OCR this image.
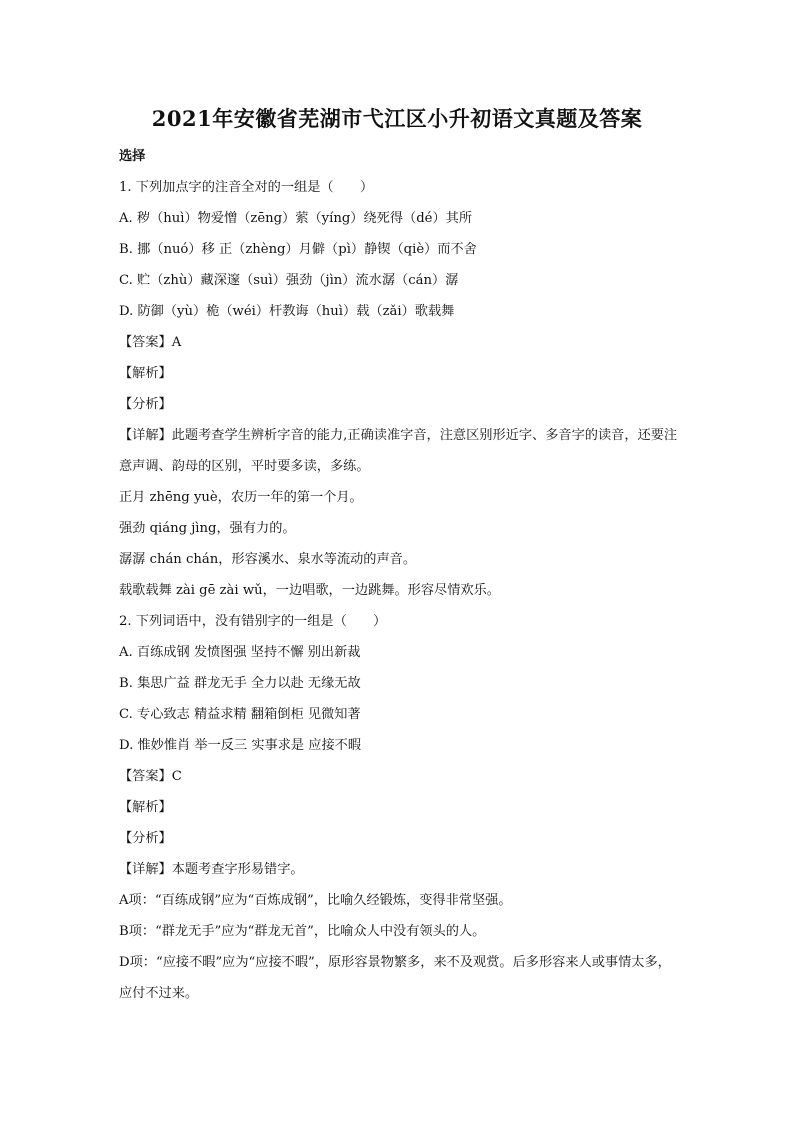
2021年安徽省芜湖市弋江区小升初语文真题及答案
选择
1. 下列加点字的注音全对的一组是（　　）
A. 秽（huì）物爱憎（zēng）萦（yíng）绕死得（dé）其所
B. 挪（nuó）移 正（zhèng）月僻（pì）静锲（qiè）而不舍
C. 贮（zhù）藏深邃（suì）强劲（jìn）流水潺（cán）潺
D. 防御（yù）桅（wéi）杆教诲（huì）载（zǎi）歌载舞
【答案】A
【解析】
【分析】
【详解】此题考查学生辨析字音的能力,正确读准字音，注意区别形近字、多音字的读音，还要注意声调、韵母的区别，平时要多读，多练。
正月 zhēng yuè，农历一年的第一个月。
强劲 qiáng jìng，强有力的。
潺潺 chán chán，形容溪水、泉水等流动的声音。
载歌载舞 zài gē zài wǔ，一边唱歌，一边跳舞。形容尽情欢乐。
2. 下列词语中，没有错别字的一组是（　　）
A. 百练成钢 发愤图强 坚持不懈 别出新裁
B. 集思广益 群龙无手 全力以赴 无缘无故
C. 专心致志 精益求精 翻箱倒柜 见微知著
D. 惟妙惟肖 举一反三 实事求是 应接不暇
【答案】C
【解析】
【分析】
【详解】本题考查字形易错字。
A项：“百练成钢”应为“百炼成钢”，比喻久经锻炼，变得非常坚强。
B项：“群龙无手”应为“群龙无首”，比喻众人中没有领头的人。
D项：“应接不暇”应为“应接不暇”，原形容景物繁多，来不及观赏。后多形容来人或事情太多，应付不过来。
